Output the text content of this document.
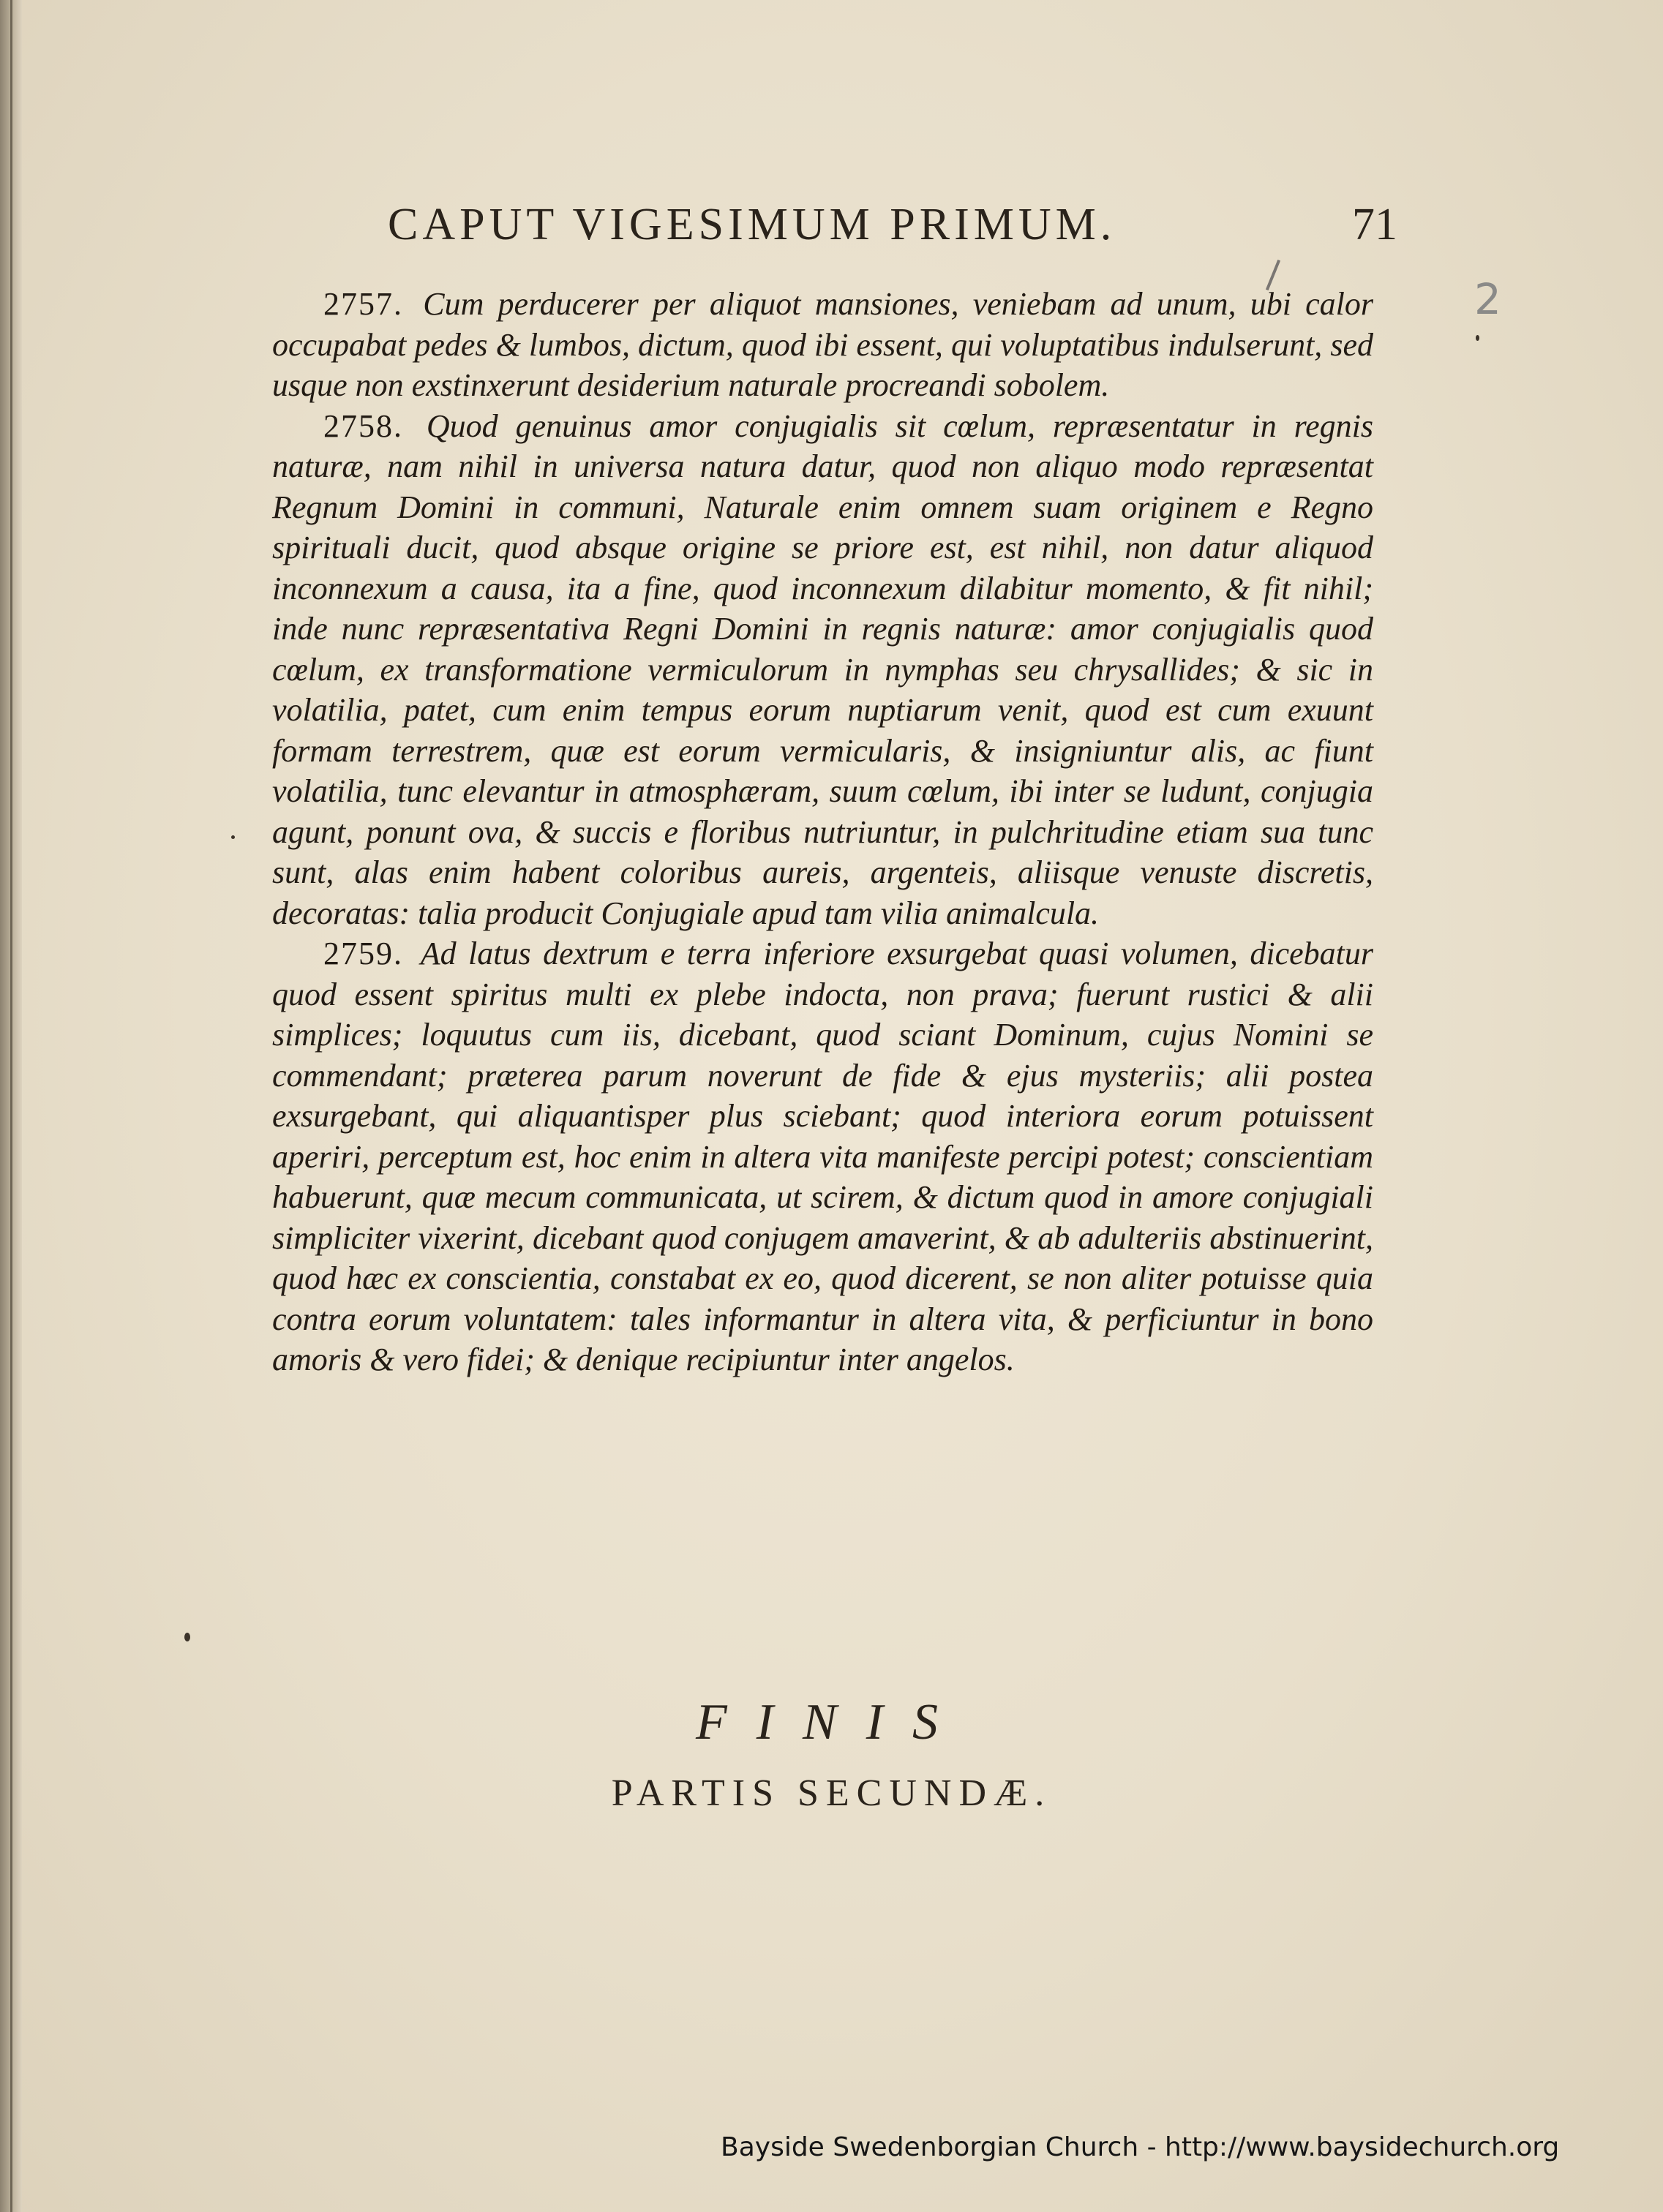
CAPUT VIGESIMUM PRIMUM.	71
2

2757. Cum perducerer per aliquot mansiones, veniebam ad unum, ubi calor occupabat pedes & lumbos, dictum, quod ibi essent, qui voluptatibus indulserunt, sed usque non exstinxerunt desiderium naturale procreandi sobolem.

2758. Quod genuinus amor conjugialis sit cœlum, repræsentatur in regnis naturæ, nam nihil in universa natura datur, quod non aliquo modo repræsentat Regnum Domini in communi, Naturale enim omnem suam originem e Regno spirituali ducit, quod absque origine se priore est, est nihil, non datur aliquod inconnexum a causa, ita a fine, quod inconnexum dilabitur momento, & fit nihil; inde nunc repræsentativa Regni Domini in regnis naturæ: amor conjugialis quod cœlum, ex transformatione vermiculorum in nymphas seu chrysallides; & sic in volatilia, patet, cum enim tempus eorum nuptiarum venit, quod est cum exuunt formam terrestrem, quæ est eorum vermicularis, & insigniuntur alis, ac fiunt volatilia, tunc elevantur in atmosphæram, suum cœlum, ibi inter se ludunt, conjugia agunt, ponunt ova, & succis e floribus nutriuntur, in pulchritudine etiam sua tunc sunt, alas enim habent coloribus aureis, argenteis, aliisque venuste discretis, decoratas: talia producit Conjugiale apud tam vilia animalcula.

2759. Ad latus dextrum e terra inferiore exsurgebat quasi volumen, dicebatur quod essent spiritus multi ex plebe indocta, non prava; fuerunt rustici & alii simplices; loquutus cum iis, dicebant, quod sciant Dominum, cujus Nomini se commendant; præterea parum noverunt de fide & ejus mysteriis; alii postea exsurgebant, qui aliquantisper plus sciebant; quod interiora eorum potuissent aperiri, perceptum est, hoc enim in altera vita manifeste percipi potest; conscientiam habuerunt, quæ mecum communicata, ut scirem, & dictum quod in amore conjugiali simpliciter vixerint, dicebant quod conjugem amaverint, & ab adulteriis abstinuerint, quod hæc ex conscientia, constabat ex eo, quod dicerent, se non aliter potuisse quia contra eorum voluntatem: tales informantur in altera vita, & perficiuntur in bono amoris & vero fidei; & denique recipiuntur inter angelos.

FINIS
PARTIS SECUNDÆ.
Bayside Swedenborgian Church - http://www.baysidechurch.org
